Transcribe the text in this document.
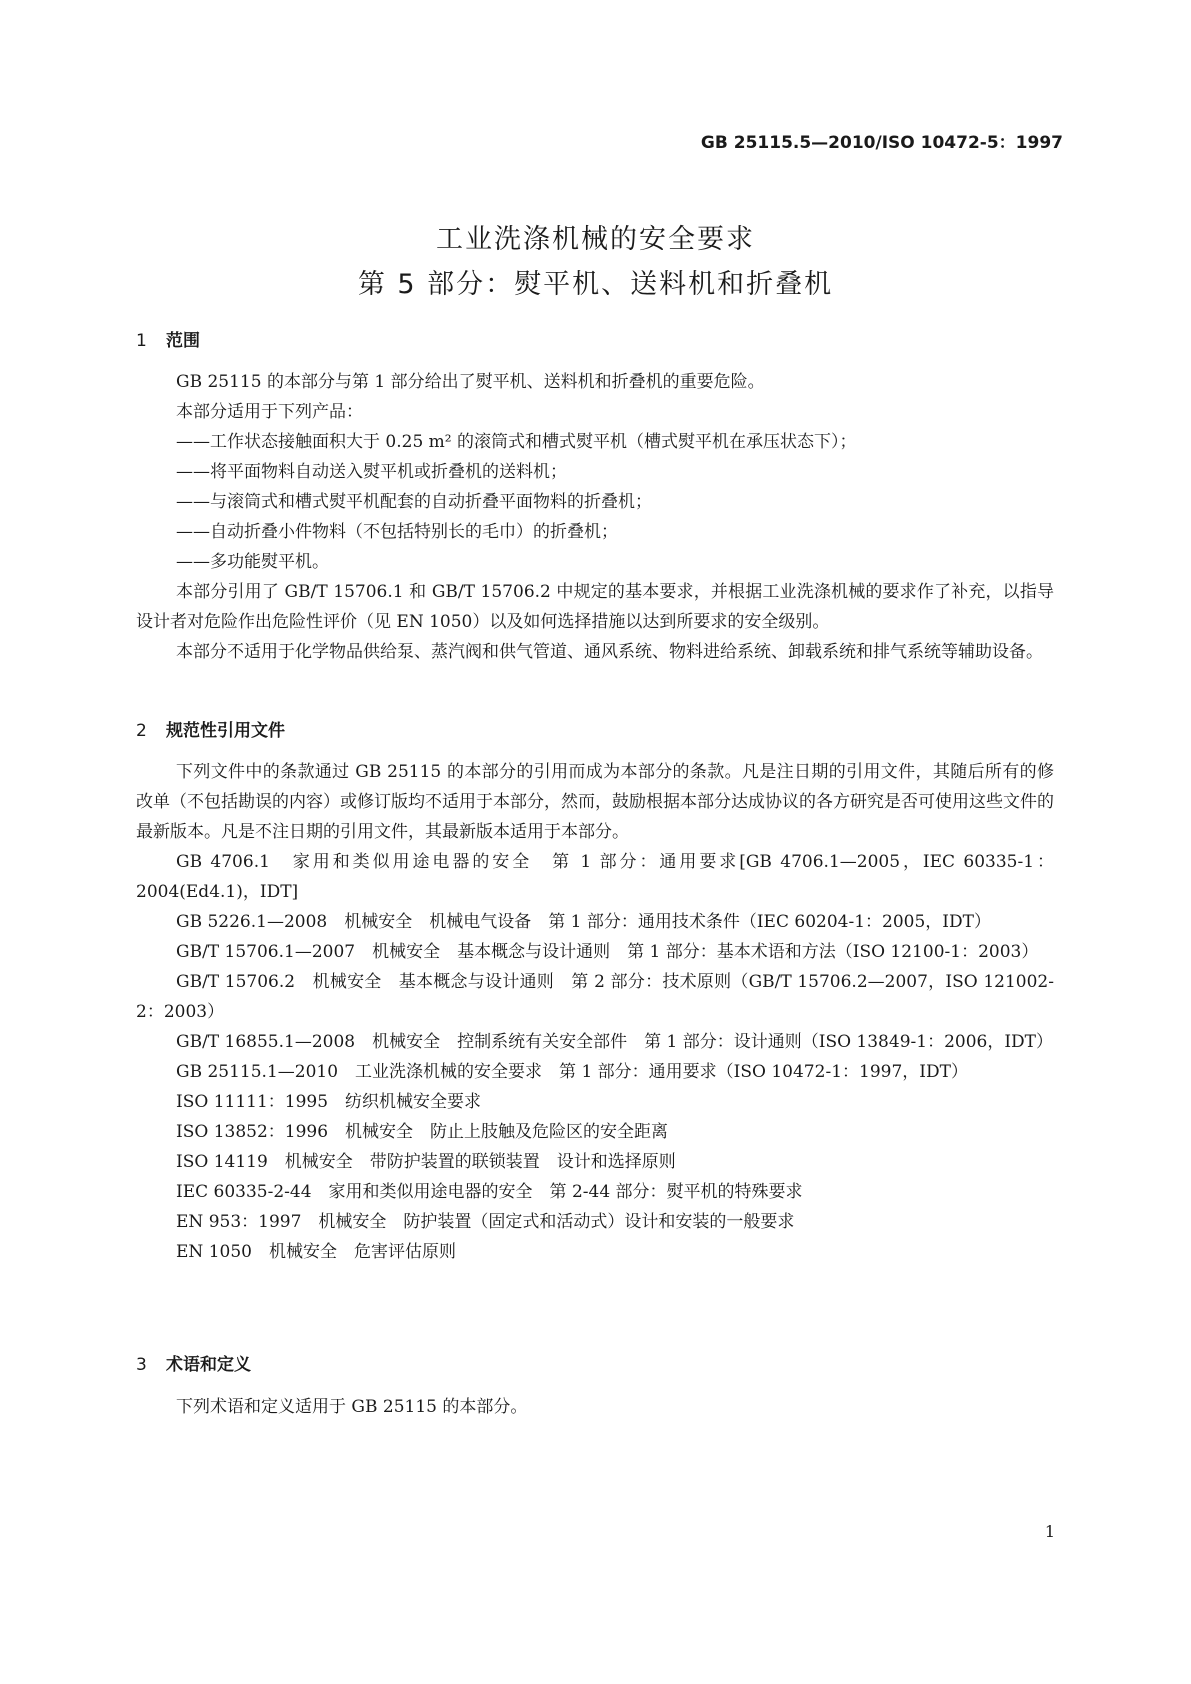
GB 25115.5—2010/ISO 10472-5：1997

工业洗涤机械的安全要求
第 5 部分：熨平机、送料机和折叠机
1 范围

GB 25115 的本部分与第 1 部分给出了熨平机、送料机和折叠机的重要危险。

本部分适用于下列产品：

——工作状态接触面积大于 0.25 m² 的滚筒式和槽式熨平机（槽式熨平机在承压状态下）；

——将平面物料自动送入熨平机或折叠机的送料机；

——与滚筒式和槽式熨平机配套的自动折叠平面物料的折叠机；

——自动折叠小件物料（不包括特别长的毛巾）的折叠机；

——多功能熨平机。

本部分引用了 GB/T 15706.1 和 GB/T 15706.2 中规定的基本要求，并根据工业洗涤机械的要求作了补充，以指导设计者对危险作出危险性评价（见 EN 1050）以及如何选择措施以达到所要求的安全级别。

本部分不适用于化学物品供给泵、蒸汽阀和供气管道、通风系统、物料进给系统、卸载系统和排气系统等辅助设备。

2 规范性引用文件

下列文件中的条款通过 GB 25115 的本部分的引用而成为本部分的条款。凡是注日期的引用文件，其随后所有的修改单（不包括勘误的内容）或修订版均不适用于本部分，然而，鼓励根据本部分达成协议的各方研究是否可使用这些文件的最新版本。凡是不注日期的引用文件，其最新版本适用于本部分。

GB 4706.1　家用和类似用途电器的安全　第 1 部分：通用要求[GB 4706.1—2005，IEC 60335-1：2004(Ed4.1)，IDT]

GB 5226.1—2008　机械安全　机械电气设备　第 1 部分：通用技术条件（IEC 60204-1：2005，IDT）

GB/T 15706.1—2007　机械安全　基本概念与设计通则　第 1 部分：基本术语和方法（ISO 12100-1：2003）

GB/T 15706.2　机械安全　基本概念与设计通则　第 2 部分：技术原则（GB/T 15706.2—2007，ISO 121002-2：2003）

GB/T 16855.1—2008　机械安全　控制系统有关安全部件　第 1 部分：设计通则（ISO 13849-1：2006，IDT）

GB 25115.1—2010　工业洗涤机械的安全要求　第 1 部分：通用要求（ISO 10472-1：1997，IDT）

ISO 11111：1995　纺织机械安全要求

ISO 13852：1996　机械安全　防止上肢触及危险区的安全距离

ISO 14119　机械安全　带防护装置的联锁装置　设计和选择原则

IEC 60335-2-44　家用和类似用途电器的安全　第 2-44 部分：熨平机的特殊要求

EN 953：1997　机械安全　防护装置（固定式和活动式）设计和安装的一般要求

EN 1050　机械安全　危害评估原则

3 术语和定义

下列术语和定义适用于 GB 25115 的本部分。

1
